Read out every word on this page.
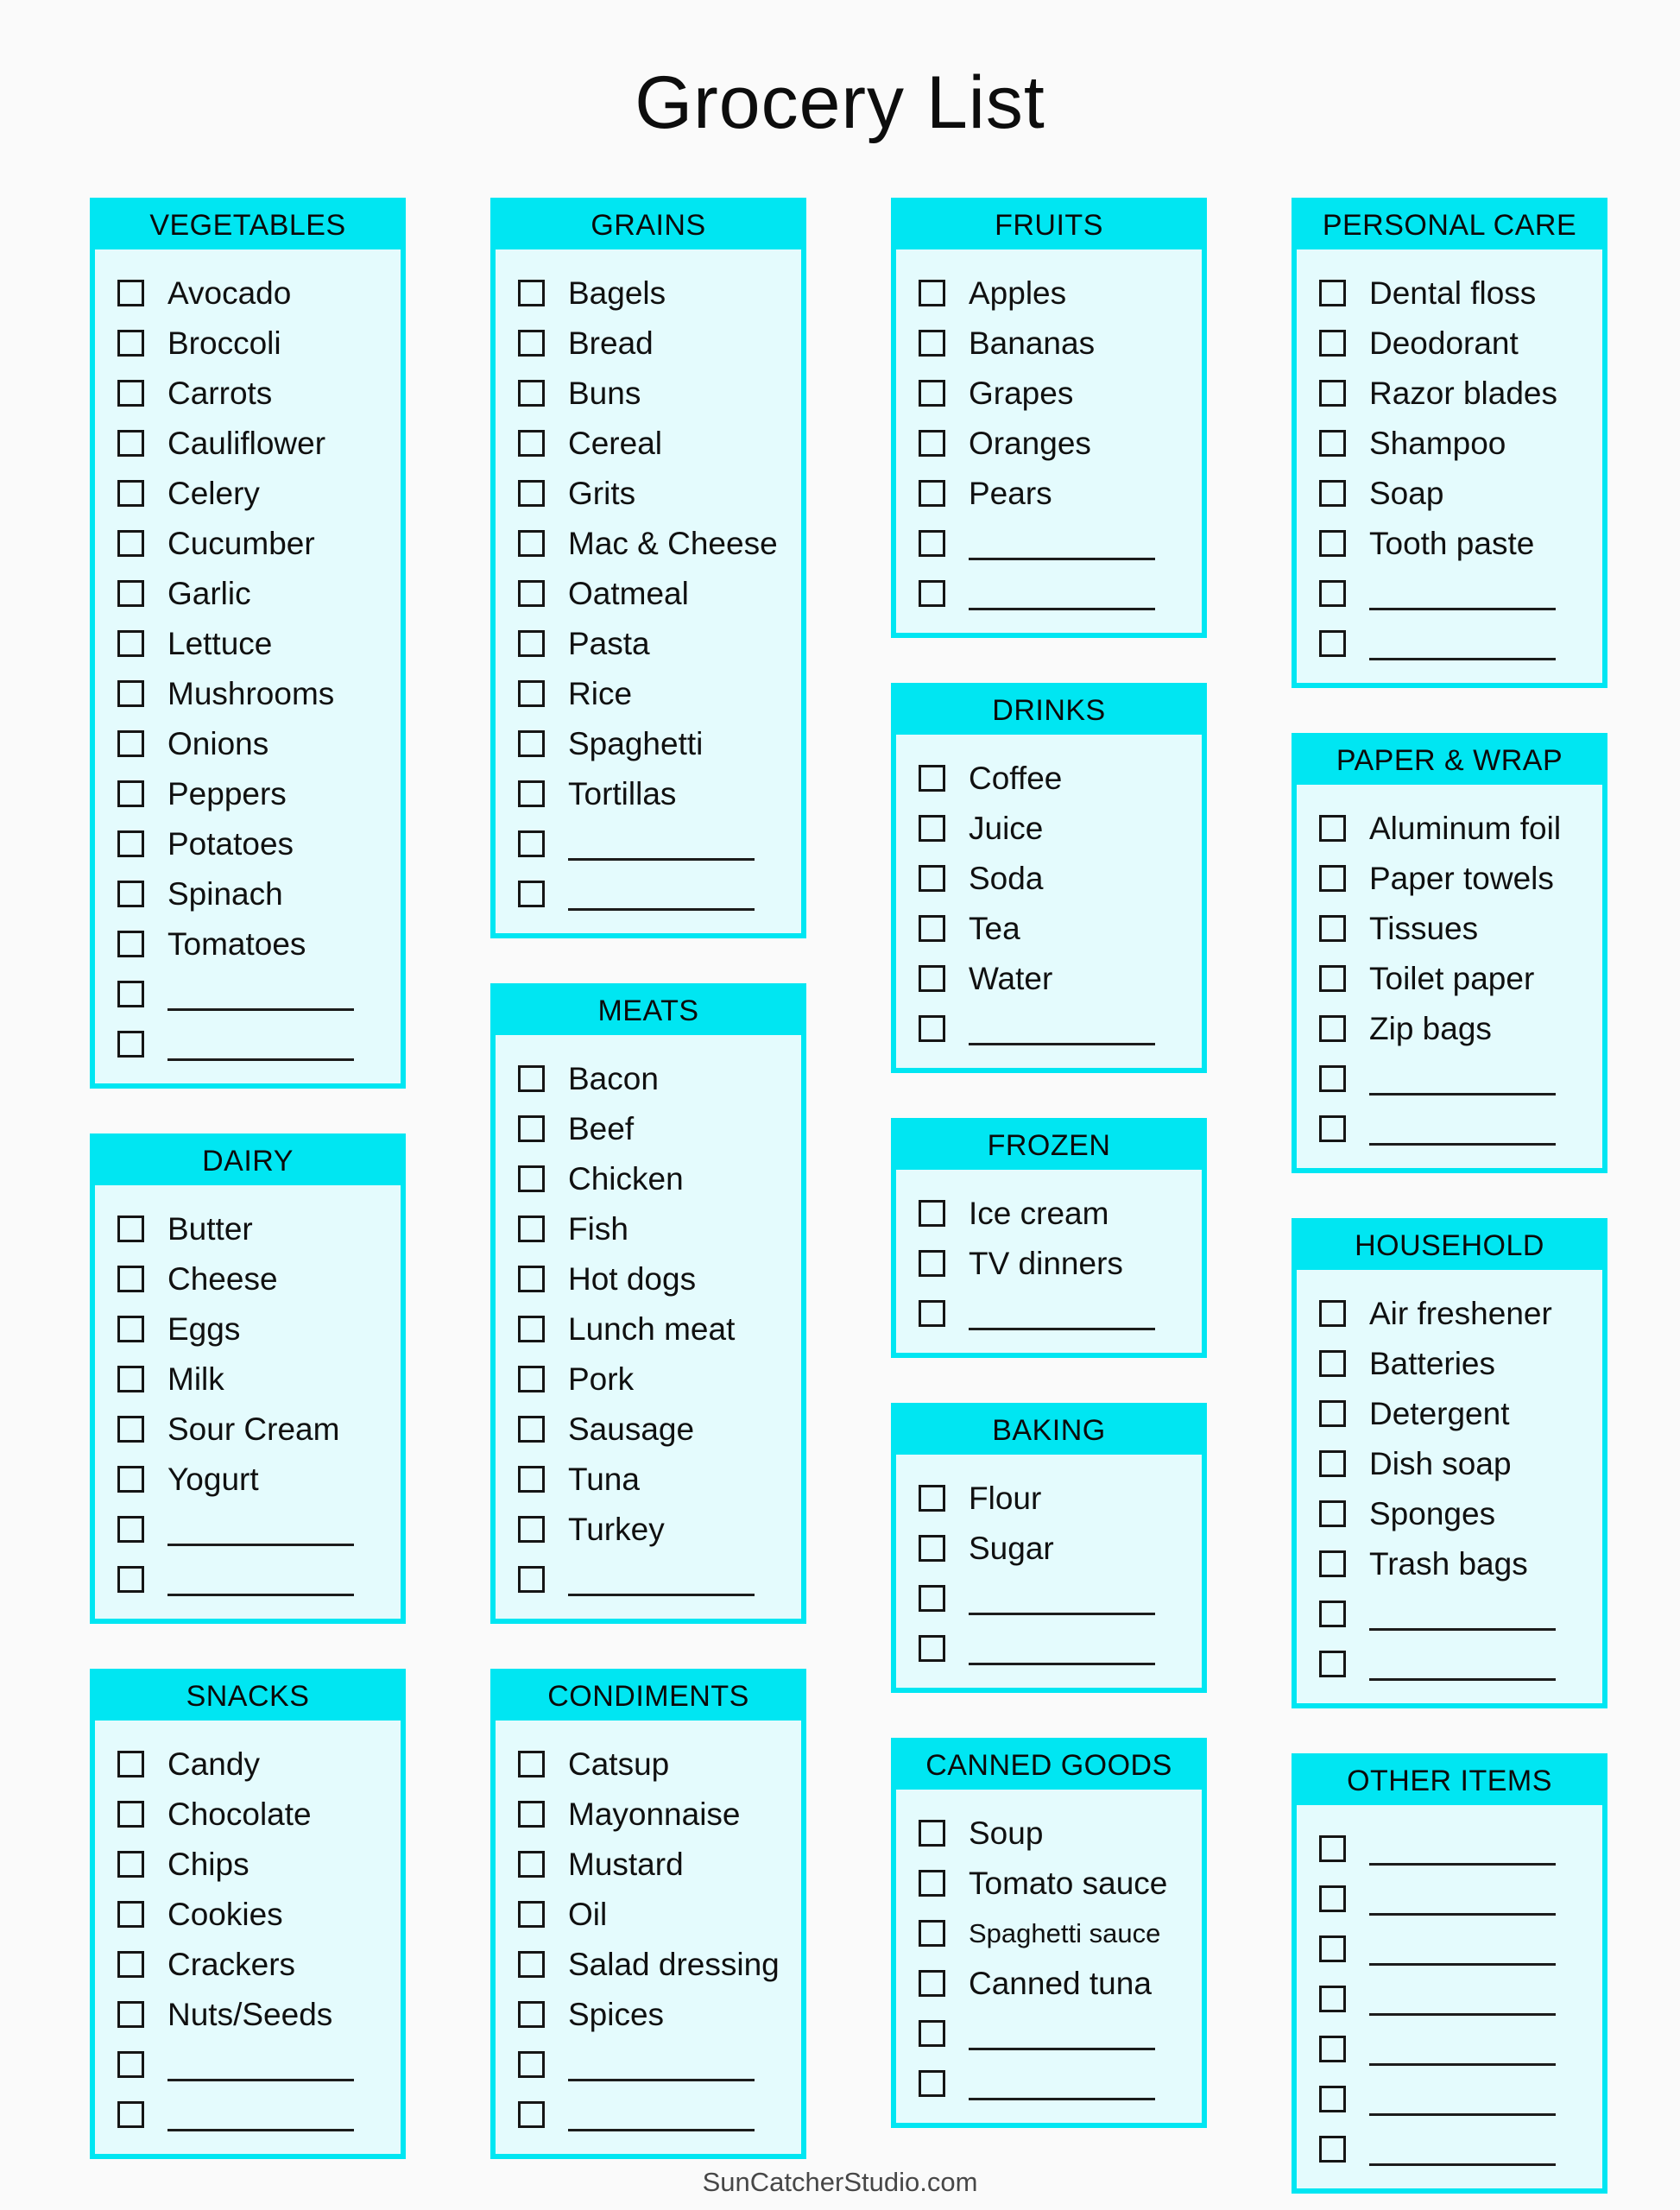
Grocery List
VEGETABLES
Avocado
Broccoli
Carrots
Cauliflower
Celery
Cucumber
Garlic
Lettuce
Mushrooms
Onions
Peppers
Potatoes
Spinach
Tomatoes
DAIRY
Butter
Cheese
Eggs
Milk
Sour Cream
Yogurt
SNACKS
Candy
Chocolate
Chips
Cookies
Crackers
Nuts/Seeds
GRAINS
Bagels
Bread
Buns
Cereal
Grits
Mac & Cheese
Oatmeal
Pasta
Rice
Spaghetti
Tortillas
MEATS
Bacon
Beef
Chicken
Fish
Hot dogs
Lunch meat
Pork
Sausage
Tuna
Turkey
CONDIMENTS
Catsup
Mayonnaise
Mustard
Oil
Salad dressing
Spices
FRUITS
Apples
Bananas
Grapes
Oranges
Pears
DRINKS
Coffee
Juice
Soda
Tea
Water
FROZEN
Ice cream
TV dinners
BAKING
Flour
Sugar
CANNED GOODS
Soup
Tomato sauce
Spaghetti sauce
Canned tuna
PERSONAL CARE
Dental floss
Deodorant
Razor blades
Shampoo
Soap
Tooth paste
PAPER & WRAP
Aluminum foil
Paper towels
Tissues
Toilet paper
Zip bags
HOUSEHOLD
Air freshener
Batteries
Detergent
Dish soap
Sponges
Trash bags
OTHER ITEMS
SunCatcherStudio.com
